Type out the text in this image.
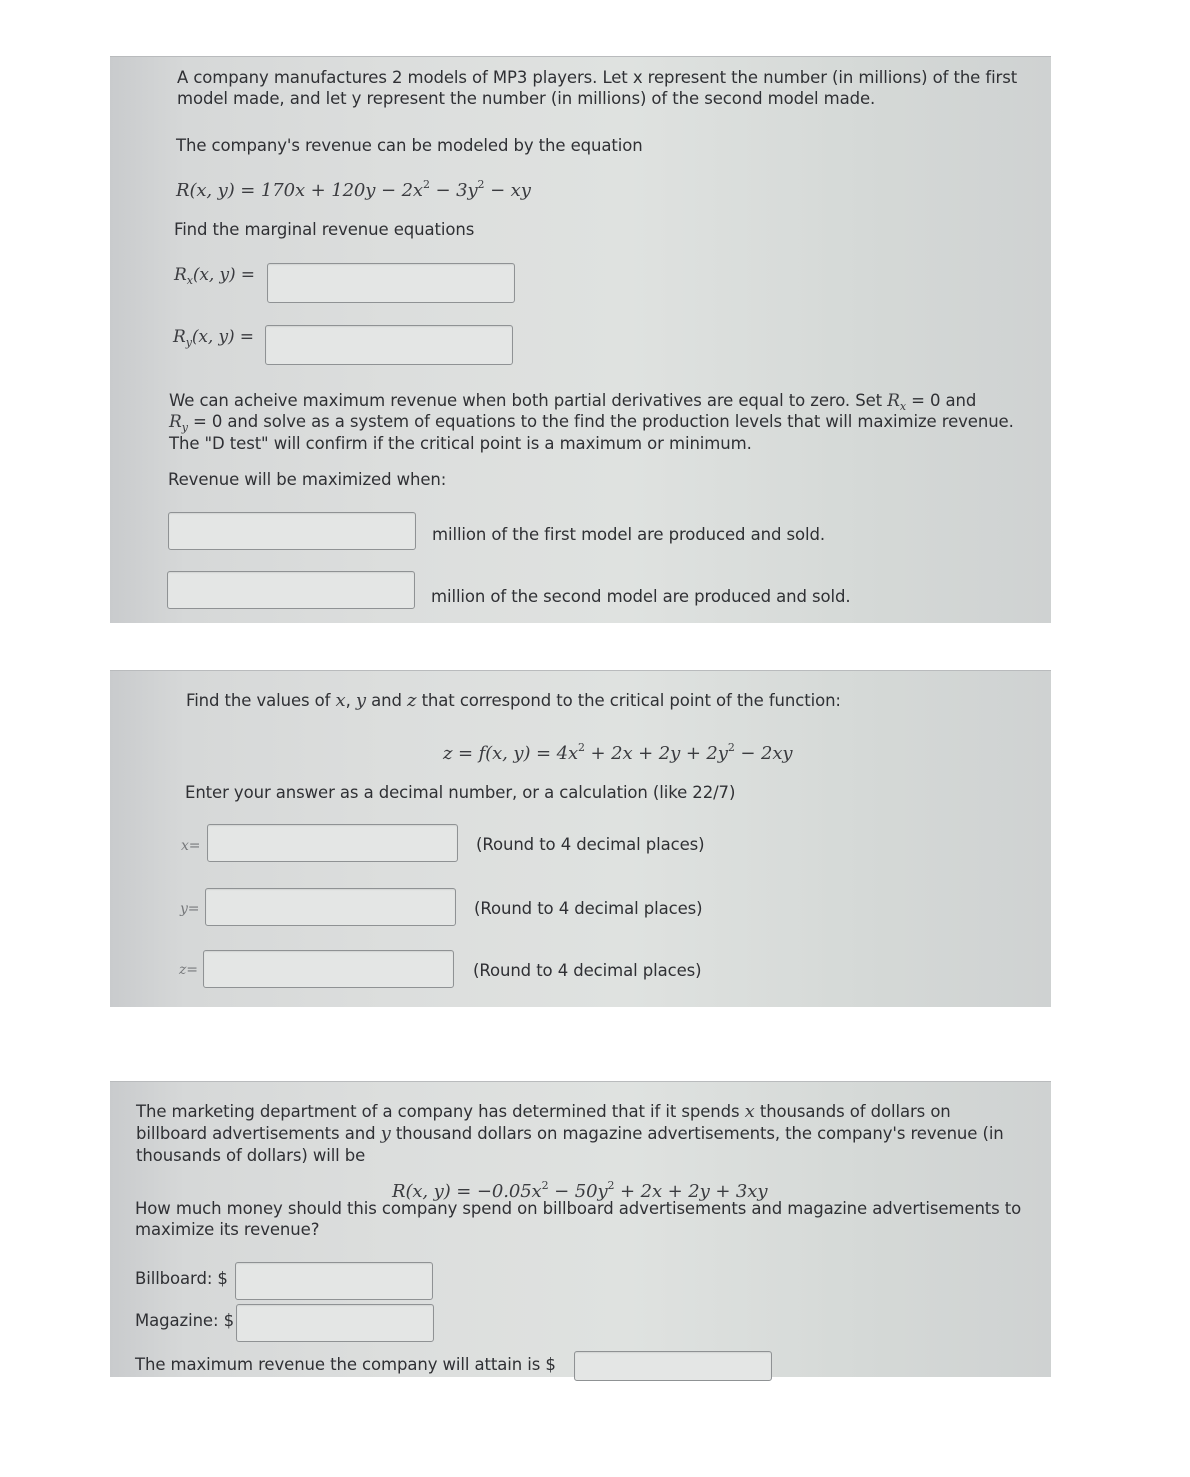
A company manufactures 2 models of MP3 players. Let x represent the number (in millions) of the first
model made, and let y represent the number (in millions) of the second model made.
The company's revenue can be modeled by the equation
R(x, $y) = 170x + 120y - 2x^2 - 3y^2$ − xy
Find the marginal revenue equations
$R_x(x$, y) =
$R_y(x$, y) =
We can acheive maximum revenue when both partial derivatives are equal to zero. Set $R_x = 0$ and
$R_y = 0$ and solve as a system of equations to the find the production levels that will maximize revenue.
The "D test" will confirm if the critical point is a maximum or minimum.
Revenue will be maximized when:
million of the first model are produced and sold.
million of the second model are produced and sold.
Find the values of x, y and z that correspond to the critical point of the function:
z = f(x, $y) = 4x^2 + 2x + 2y + 2y^2 - 2xy$
Enter your answer as a decimal number, or a calculation (like 22/7)
x=	(Round to 4 decimal places)
y=	(Round to 4 decimal places)
z=	(Round to 4 decimal places)
The marketing department of a company has determined that if it spends x thousands of dollars on
billboard advertisements and y thousand dollars on magazine advertisements, the company's revenue (in
thousands of dollars) will be
R(x, $y) = -0.05x^2 - 50y^2 + 2x + 2y + 3xy$
How much money should this company spend on billboard advertisements and magazine advertisements to
maximize its revenue?
Billboard: $
Magazine: $
The maximum revenue the company will attain is $
